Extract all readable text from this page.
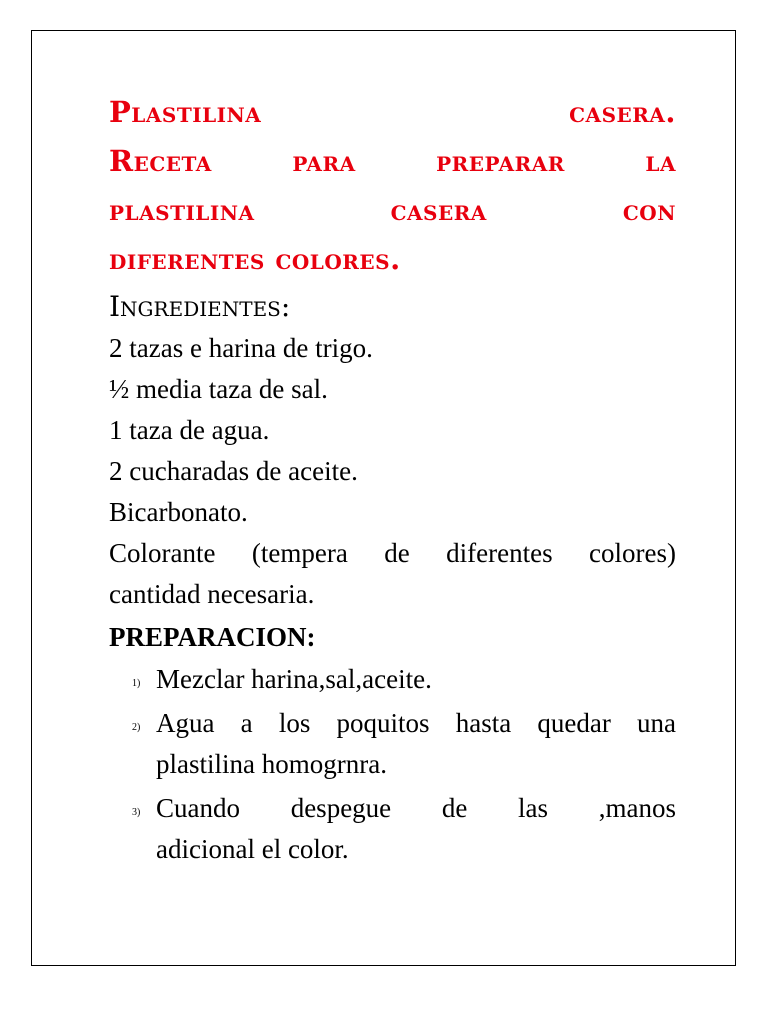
Plastilina casera.
Receta para preparar la
plastilina casera con
diferentes colores.
Ingredientes:
2 tazas e harina de trigo.
½ media taza de sal.
1 taza de agua.
2 cucharadas de aceite.
Bicarbonato.
Colorante (tempera de diferentes colores)
cantidad necesaria.
PREPARACION:
1) Mezclar harina,sal,aceite.
2) Agua a los poquitos hasta quedar una
plastilina homogrnra.
3) Cuando despegue de las ,manos
adicional el color.
